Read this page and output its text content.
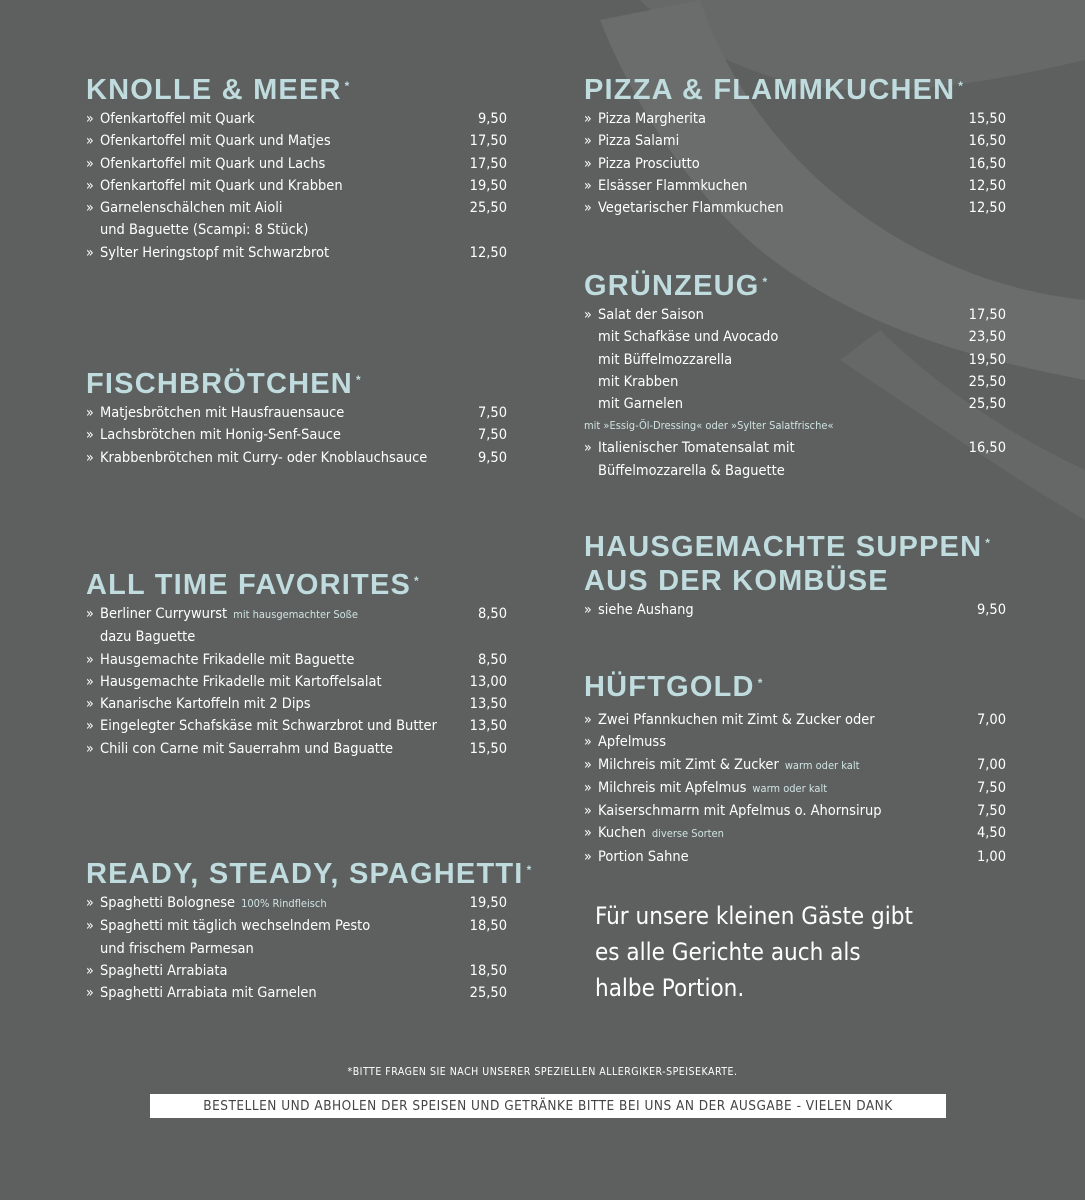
KNOLLE & MEER *
» Ofenkartoffel mit Quark	9,50
» Ofenkartoffel mit Quark und Matjes	17,50
» Ofenkartoffel mit Quark und Lachs	17,50
» Ofenkartoffel mit Quark und Krabben	19,50
» Garnelenschälchen mit Aioli	25,50
und Baguette (Scampi: 8 Stück)
» Sylter Heringstopf mit Schwarzbrot	12,50
FISCHBRÖTCHEN *
» Matjesbrötchen mit Hausfrauensauce	7,50
» Lachsbrötchen mit Honig-Senf-Sauce	7,50
» Krabbenbrötchen mit Curry- oder Knoblauchsauce	9,50
ALL TIME FAVORITES *
» Berliner Currywurst mit hausgemachter Soße	8,50
dazu Baguette
» Hausgemachte Frikadelle mit Baguette	8,50
» Hausgemachte Frikadelle mit Kartoffelsalat	13,00
» Kanarische Kartoffeln mit 2 Dips	13,50
» Eingelegter Schafskäse mit Schwarzbrot und Butter 13,50
» Chili con Carne mit Sauerrahm und Baguatte	15,50
READY, STEADY, SPAGHETTI *
» Spaghetti Bolognese 100% Rindfleisch	19,50
» Spaghetti mit täglich wechselndem Pesto	18,50
und frischem Parmesan
» Spaghetti Arrabiata	18,50
» Spaghetti Arrabiata mit Garnelen	25,50
PIZZA & FLAMMKUCHEN *
» Pizza Margherita	15,50
» Pizza Salami	16,50
» Pizza Prosciutto	16,50
» Elsässer Flammkuchen	12,50
» Vegetarischer Flammkuchen	12,50
GRÜNZEUG *
» Salat der Saison	17,50
mit Schafkäse und Avocado	23,50
mit Büffelmozzarella	19,50
mit Krabben	25,50
mit Garnelen	25,50
mit »Essig-Öl-Dressing« oder »Sylter Salatfrische«
» Italienischer Tomatensalat mit	16,50
Büffelmozzarella & Baguette
HAUSGEMACHTE SUPPEN *
AUS DER KOMBÜSE
» siehe Aushang	9,50
HÜFTGOLD *
» Zwei Pfannkuchen mit Zimt & Zucker oder	7,00
» Apfelmuss
» Milchreis mit Zimt & Zucker warm oder kalt	7,00
» Milchreis mit Apfelmus warm oder kalt	7,50
» Kaiserschmarrn mit Apfelmus o. Ahornsirup	7,50
» Kuchen diverse Sorten	4,50
» Portion Sahne	1,00
Für unsere kleinen Gäste gibt
es alle Gerichte auch als
halbe Portion.
*BITTE FRAGEN SIE NACH UNSERER SPEZIELLEN ALLERGIKER-SPEISEKARTE.
BESTELLEN UND ABHOLEN DER SPEISEN UND GETRÄNKE BITTE BEI UNS AN DER AUSGABE - VIELEN DANK
